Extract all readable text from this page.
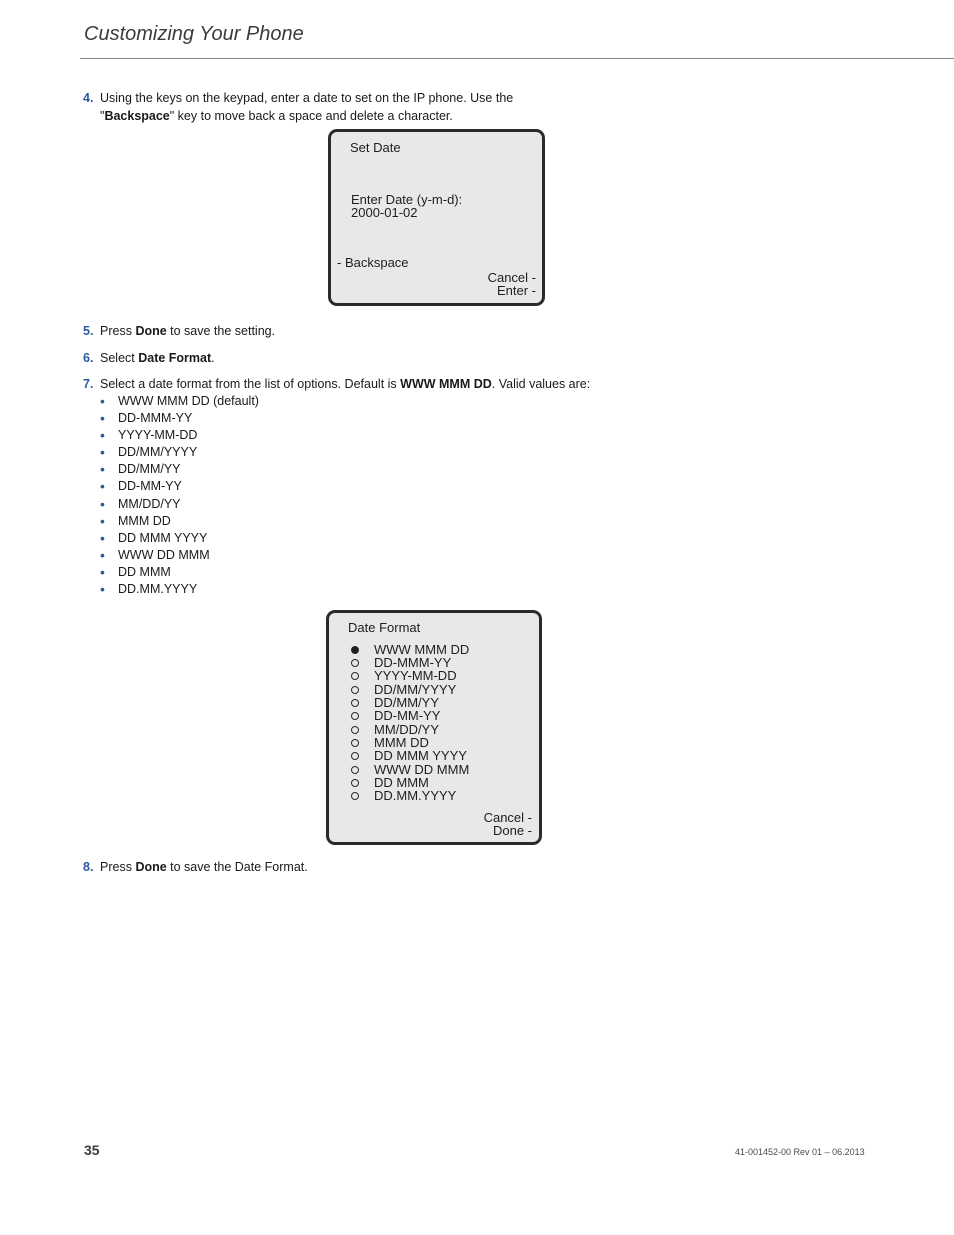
Customizing Your Phone
4. Using the keys on the keypad, enter a date to set on the IP phone. Use the
"Backspace" key to move back a space and delete a character.
Set Date
Enter Date (y-m-d):
2000-01-02
- Backspace
Cancel -
Enter -
5. Press Done to save the setting.
6. Select Date Format.
7. Select a date format from the list of options. Default is WWW MMM DD. Valid values are:
• WWW MMM DD (default)
• DD-MMM-YY
• YYYY-MM-DD
• DD/MM/YYYY
• DD/MM/YY
• DD-MM-YY
• MM/DD/YY
• MMM DD
• DD MMM YYYY
• WWW DD MMM
• DD MMM
• DD.MM.YYYY
Date Format
WWW MMM DD
DD-MMM-YY
YYYY-MM-DD
DD/MM/YYYY
DD/MM/YY
DD-MM-YY
MM/DD/YY
MMM DD
DD MMM YYYY
WWW DD MMM
DD MMM
DD.MM.YYYY
Cancel -
Done -
8. Press Done to save the Date Format.
35	41-001452-00 Rev 01 – 06.2013
